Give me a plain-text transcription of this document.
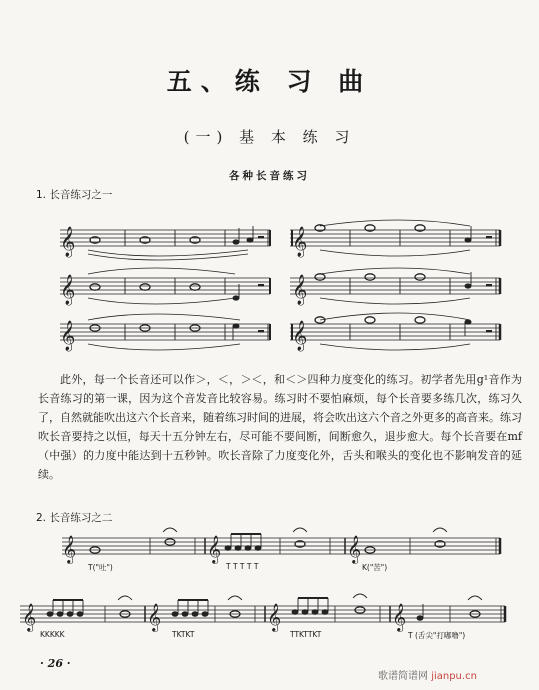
五、练 习 曲
(一) 基 本 练 习
各种长音练习
1. 长音练习之一
𝄞	𝄞
𝄞	𝄞
𝄞	𝄞
𝄞	𝄞	𝄞
𝄞	𝄞	𝄞	𝄞

此外，每一个长音还可以作＞，＜，＞＜，和＜＞四种力度变化的练习。初学者先用g¹音作为长音练习的第一课，因为这个音发音比较容易。练习时不要怕麻烦，每个长音要多练几次，练习久了，自然就能吹出这六个长音来，随着练习时间的进展，将会吹出这六个音之外更多的高音来。练习吹长音要持之以恒，每天十五分钟左右，尽可能不要间断，间断愈久，退步愈大。每个长音要在mf（中强）的力度中能达到十五秒钟。吹长音除了力度变化外，舌头和喉头的变化也不影响发音的延续。

2. 长音练习之二
T("吐")	T T T T T	K("苦")
KKKKK	TKTKT	TTKTTKT	T (舌尖"打嘟噜")
· 26 ·
歌谱简谱网 jianpu.cn
